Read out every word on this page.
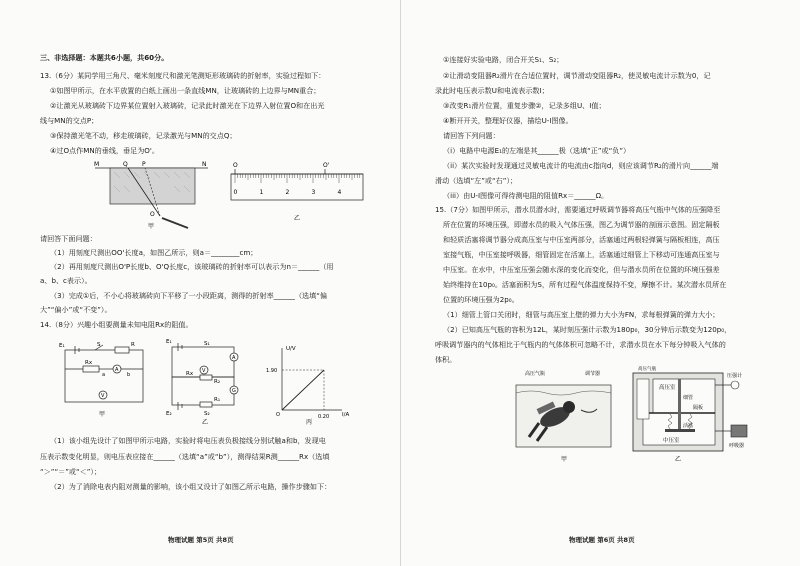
三、非选择题：本题共6小题，共60分。
13.（6分）某同学用三角尺、毫米刻度尺和激光笔测矩形玻璃砖的折射率，实验过程如下：
①如图甲所示，在水平放置的白纸上画出一条直线MN，让玻璃砖的上边界与MN重合；
②让激光从玻璃砖下边界某位置射入玻璃砖，记录此时激光在下边界入射位置O和在出光
线与MN的交点P；
③保持激光笔不动，移走玻璃砖，记录激光与MN的交点Q；
④过O点作MN的垂线，垂足为O'。
M	Q P	N
O
甲
O	O'
0	1	2	3	4
乙
请回答下面问题：
（1）用刻度尺测出OO'长度a，如图乙所示，则a＝________cm；
（2）再用刻度尺测出O'P长度b、O'Q长度c，该玻璃砖的折射率可以表示为n＝______（用
a、b、c表示）。
（3）完成①后，不小心将玻璃砖向下平移了一小段距离，测得的折射率______（选填“偏
大”“偏小”或“不变”）。
14.（8分）兴趣小组要测量未知电阻Rx的阻值。
E₁	S	R
Rx
a	b
A
V
甲
E₁	S₁
A
V
Rx
R₂
G
E₂	S₂
R₁
乙
U/V
I/A
1.90
0.20
O
丙
（1）该小组先设计了如图甲所示电路，实验时将电压表负极接线分别试触a和b，发现电
压表示数变化明显，则电压表应接在______（选填“a”或“b”），测得结果R测______Rx（选填
“＞”“＝”或“＜”）；
（2）为了消除电表内阻对测量的影响，该小组又设计了如图乙所示电路，操作步骤如下：
物理试题 第5页 共8页
①连接好实验电路，闭合开关S₁、S₂；
②让滑动变阻器R₂滑片在合适位置时，调节滑动变阻器R₂，使灵敏电流计示数为0，记
录此时电压表示数U和电流表示数I；
③改变R₁滑片位置，重复步骤②，记录多组U、I值；
④断开开关，整理好仪器，描绘U-I图像。
请回答下列问题：
（i）电路中电源E₁的左端是其______极（选填“正”或“负”）
（ii）某次实验时发现通过灵敏电流计的电流由c指向d，则应该调节R₂的滑片向______端
滑动（选填“左”或“右”）；
（iii）由U-I图像可得待测电阻的阻值Rx＝______Ω。
15.（7分）如图甲所示，潜水员潜水时，需要通过呼吸调节器将高压气瓶中气体的压强降至
所在位置的环境压强，即潜水员的吸入气体压强，图乙为调节器的剖面示意图。固定隔板
和轻质活塞将调节器分成高压室与中压室两部分，活塞通过两根轻弹簧与隔板相连，高压
室接气瓶，中压室接呼吸器，细管固定在活塞上，活塞通过细管上下移动可连通高压室与
中压室。在水中，中压室压强会随水深的变化而变化，但与潜水员所在位置的环境压强差
始终维持在10p₀。活塞面积为S，所有过程气体温度保持不变，摩擦不计。某次潜水员所在
位置的环境压强为2p₀。
（1）细管上管口关闭时，细管与高压室上壁的弹力大小为FN，求每根弹簧的弹力大小；
（2）已知高压气瓶的容积为12L，某时刻压强计示数为180p₀，30分钟后示数变为120p₀，
呼吸调节器内的气体相比于气瓶内的气体体积可忽略不计，求潜水员在水下每分钟吸入气体的
体积。
高压气瓶	调节器
甲
高压气瓶
高压室
细管
隔板
压强计
活塞
中压室
呼吸器
乙
物理试题 第6页 共8页
